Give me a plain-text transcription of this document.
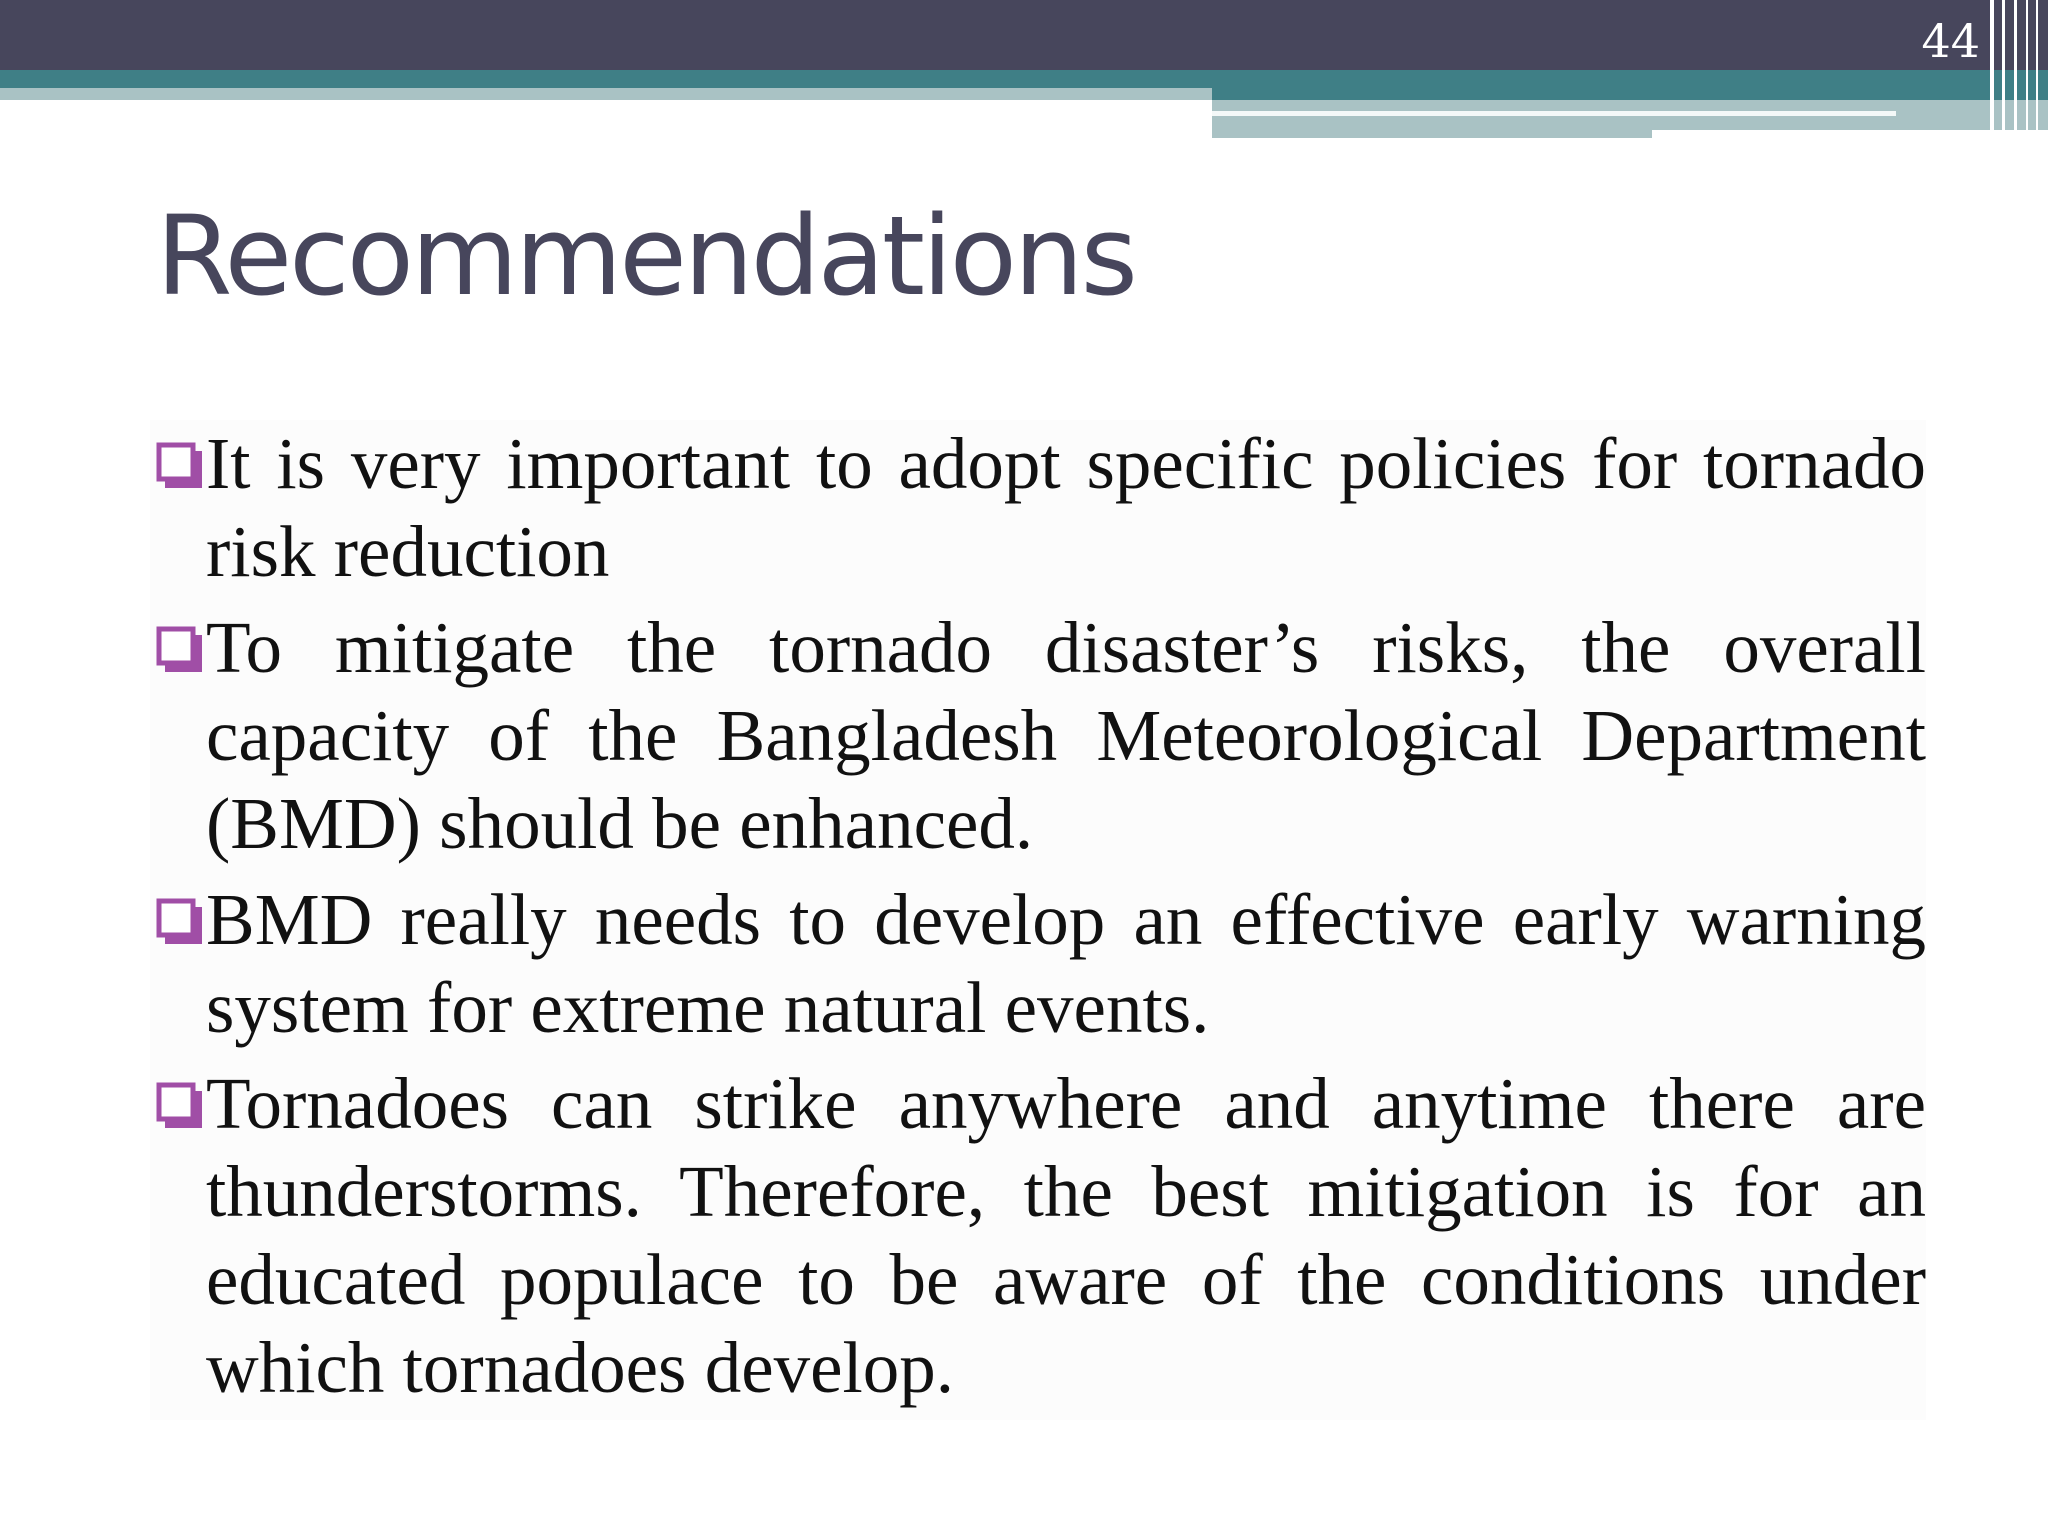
44
Recommendations
It is very important to adopt specific policies for tornado risk reduction
To mitigate the tornado disaster’s risks, the overall capacity of the Bangladesh Meteorological Department (BMD) should be enhanced.
BMD really needs to develop an effective early warning system for extreme natural events.
Tornadoes can strike anywhere and anytime there are thunderstorms. Therefore, the best mitigation is for an educated populace to be aware of the conditions under which tornadoes develop.
